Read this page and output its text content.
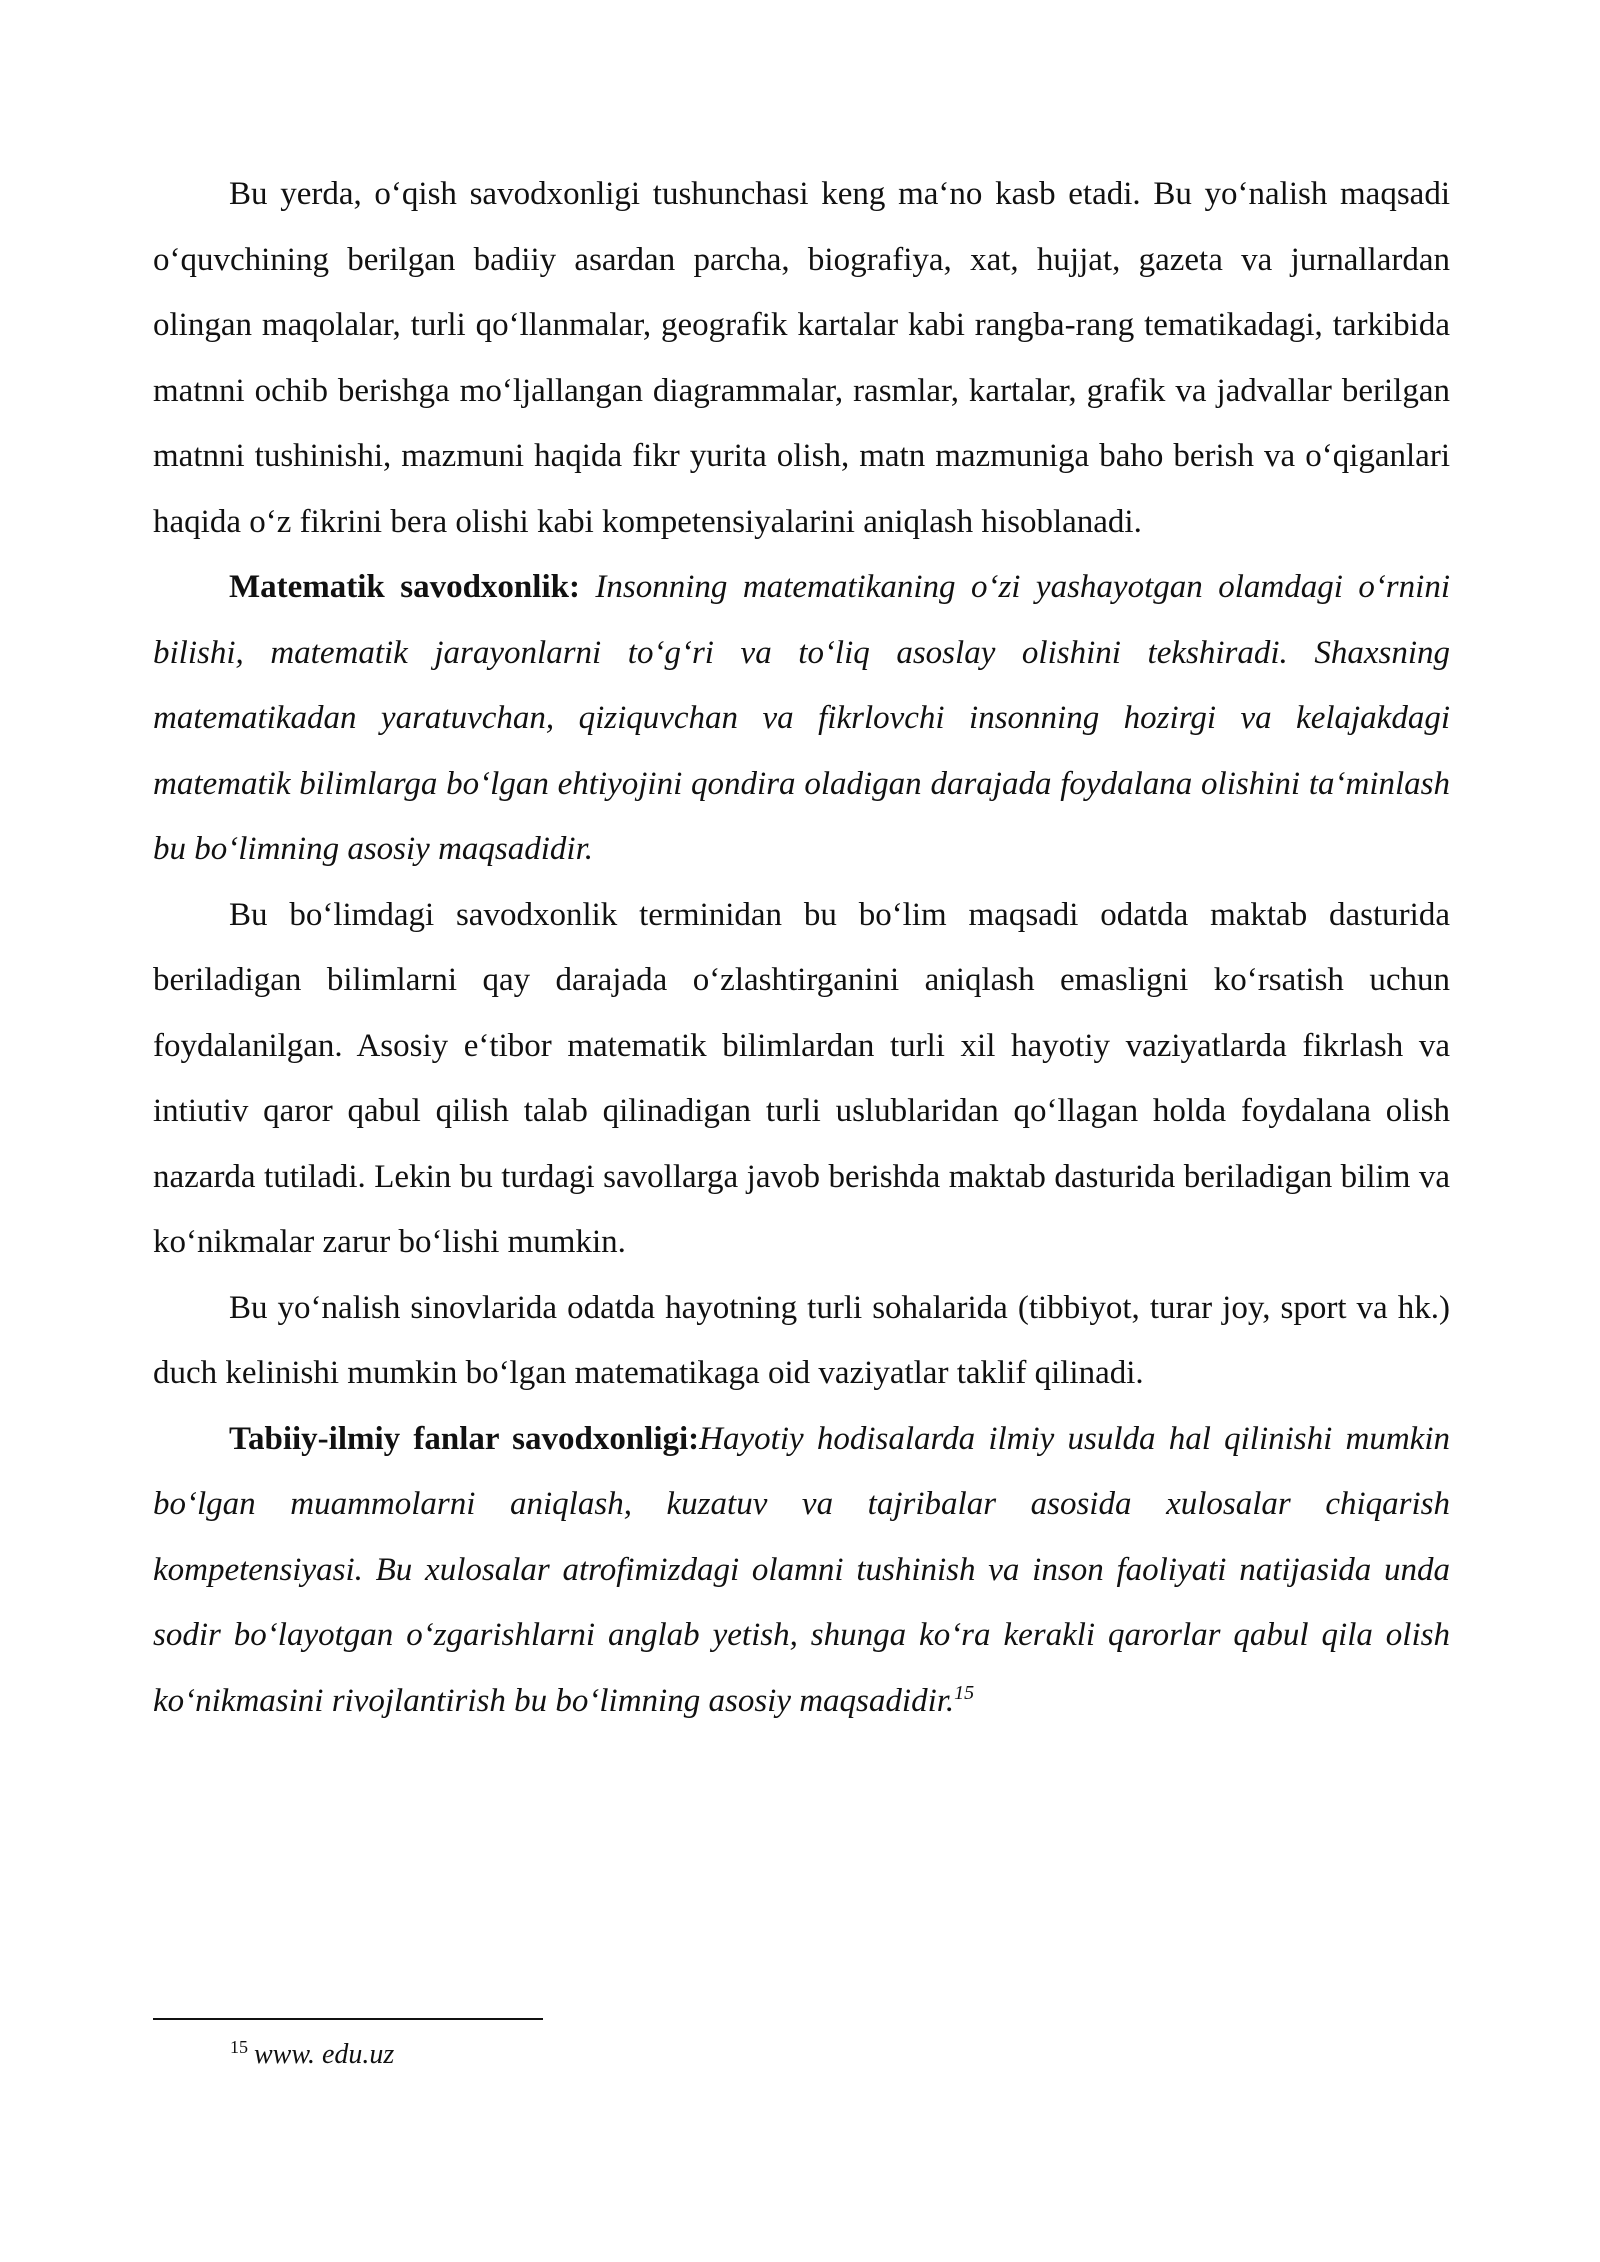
Bu yerda, o‘qish savodxonligi tushunchasi keng ma‘no kasb etadi. Bu yo‘nalish maqsadi o‘quvchining berilgan badiiy asardan parcha, biografiya, xat, hujjat, gazeta va jurnallardan olingan maqolalar, turli qo‘llanmalar, geografik kartalar kabi rangba-rang tematikadagi, tarkibida matnni ochib berishga mo‘ljallangan diagrammalar, rasmlar, kartalar, grafik va jadvallar berilgan matnni tushinishi, mazmuni haqida fikr yurita olish, matn mazmuniga baho berish va o‘qiganlari haqida o‘z fikrini bera olishi kabi kompetensiyalarini aniqlash hisoblanadi.

Matematik savodxonlik: Insonning matematikaning o‘zi yashayotgan olamdagi o‘rnini bilishi, matematik jarayonlarni to‘g‘ri va to‘liq asoslay olishini tekshiradi. Shaxsning matematikadan yaratuvchan, qiziquvchan va fikrlovchi insonning hozirgi va kelajakdagi matematik bilimlarga bo‘lgan ehtiyojini qondira oladigan darajada foydalana olishini ta‘minlash bu bo‘limning asosiy maqsadidir.

Bu bo‘limdagi savodxonlik terminidan bu bo‘lim maqsadi odatda maktab dasturida beriladigan bilimlarni qay darajada o‘zlashtirganini aniqlash emasligni ko‘rsatish uchun foydalanilgan. Asosiy e‘tibor matematik bilimlardan turli xil hayotiy vaziyatlarda fikrlash va intiutiv qaror qabul qilish talab qilinadigan turli uslublaridan qo‘llagan holda foydalana olish nazarda tutiladi. Lekin bu turdagi savollarga javob berishda maktab dasturida beriladigan bilim va ko‘nikmalar zarur bo‘lishi mumkin.

Bu yo‘nalish sinovlarida odatda hayotning turli sohalarida (tibbiyot, turar joy, sport va hk.) duch kelinishi mumkin bo‘lgan matematikaga oid vaziyatlar taklif qilinadi.

Tabiiy-ilmiy fanlar savodxonligi:Hayotiy hodisalarda ilmiy usulda hal qilinishi mumkin bo‘lgan muammolarni aniqlash, kuzatuv va tajribalar asosida xulosalar chiqarish kompetensiyasi. Bu xulosalar atrofimizdagi olamni tushinish va inson faoliyati natijasida unda sodir bo‘layotgan o‘zgarishlarni anglab yetish, shunga ko‘ra kerakli qarorlar qabul qila olish ko‘nikmasini rivojlantirish bu bo‘limning asosiy maqsadidir.$^{15}$

$^{15}$ www. edu.uz
